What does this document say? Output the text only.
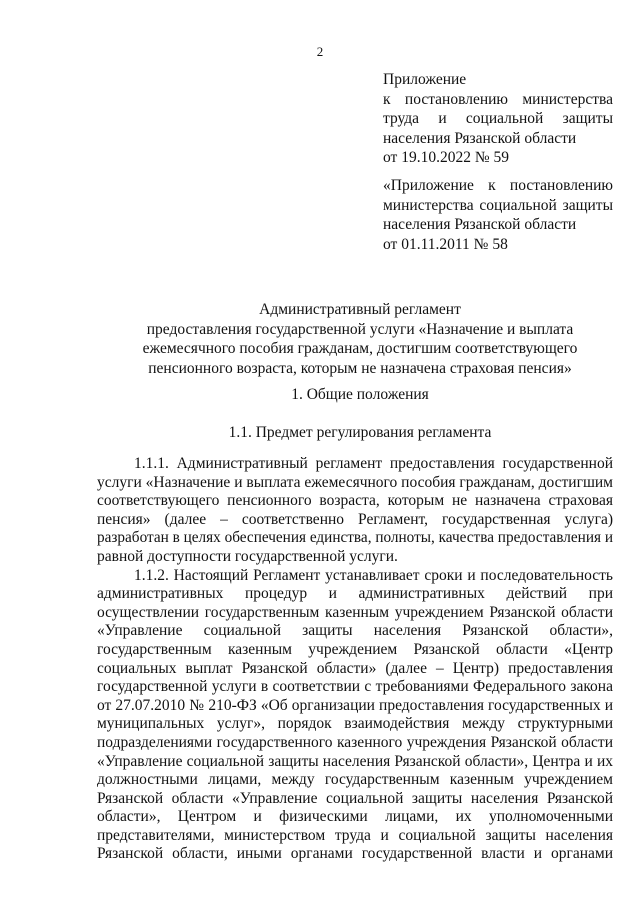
2
Приложение
к постановлению министерства
труда и социальной защиты
населения Рязанской области
от 19.10.2022 № 59
«Приложение к постановлению
министерства социальной защиты
населения Рязанской области
от 01.11.2011 № 58
Административный регламент
предоставления государственной услуги «Назначение и выплата
ежемесячного пособия гражданам, достигшим соответствующего
пенсионного возраста, которым не назначена страховая пенсия»
1. Общие положения
1.1. Предмет регулирования регламента
1.1.1. Административный регламент предоставления государственной
услуги «Назначение и выплата ежемесячного пособия гражданам, достигшим
соответствующего пенсионного возраста, которым не назначена страховая
пенсия» (далее – соответственно Регламент, государственная услуга)
разработан в целях обеспечения единства, полноты, качества предоставления и
равной доступности государственной услуги.
1.1.2. Настоящий Регламент устанавливает сроки и последовательность
административных процедур и административных действий при
осуществлении государственным казенным учреждением Рязанской области
«Управление социальной защиты населения Рязанской области»,
государственным казенным учреждением Рязанской области «Центр
социальных выплат Рязанской области» (далее – Центр) предоставления
государственной услуги в соответствии с требованиями Федерального закона
от 27.07.2010 № 210-ФЗ «Об организации предоставления государственных и
муниципальных услуг», порядок взаимодействия между структурными
подразделениями государственного казенного учреждения Рязанской области
«Управление социальной защиты населения Рязанской области», Центра и их
должностными лицами, между государственным казенным учреждением
Рязанской области «Управление социальной защиты населения Рязанской
области», Центром и физическими лицами, их уполномоченными
представителями, министерством труда и социальной защиты населения
Рязанской области, иными органами государственной власти и органами
